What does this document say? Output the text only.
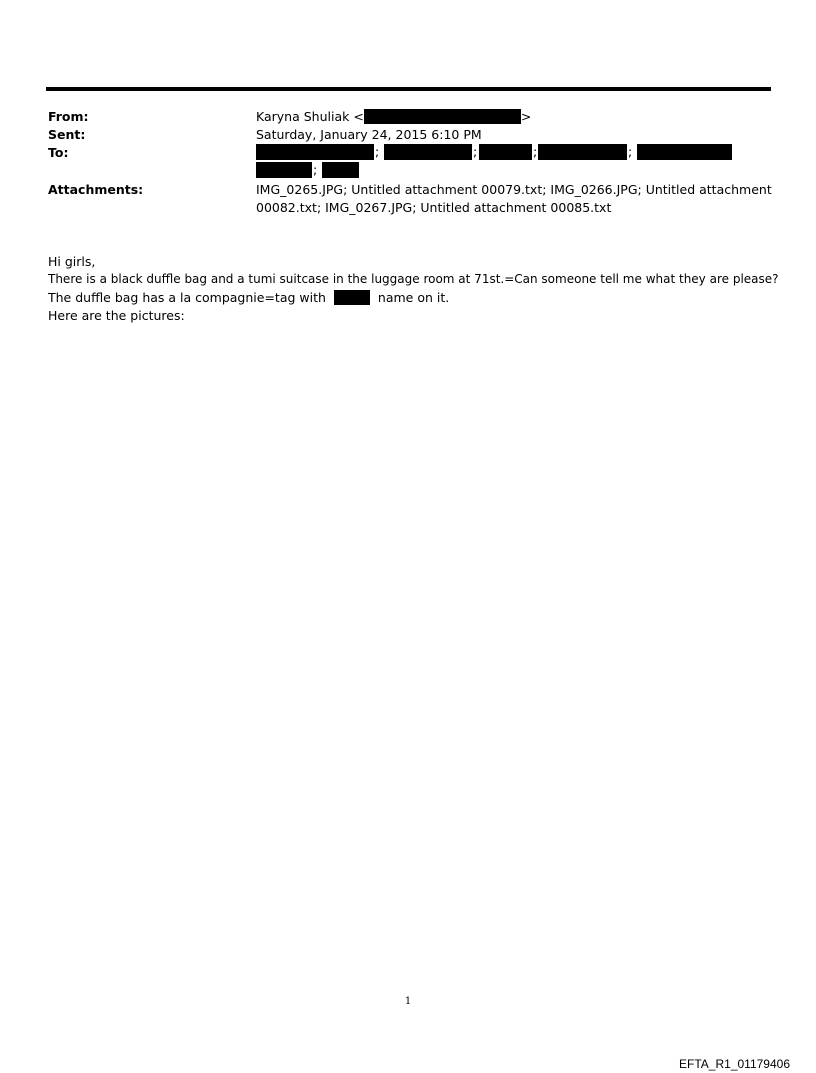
From:	Karyna Shuliak <	>
Sent:	Saturday, January 24, 2015 6:10 PM
To:	;	;	;	;
;
Attachments:	IMG_0265.JPG; Untitled attachment 00079.txt; IMG_0266.JPG; Untitled attachment
00082.txt; IMG_0267.JPG; Untitled attachment 00085.txt
Hi girls,
There is a black duffle bag and a tumi suitcase in the luggage room at 71st.=Can someone tell me what they are please?
The duffle bag has a la compagnie=tag with	name on it.
Here are the pictures:
1
EFTA_R1_01179406
